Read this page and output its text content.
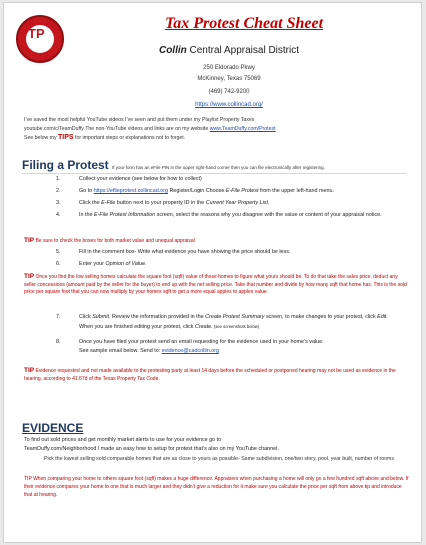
TP
Tax Protest Cheat Sheet
Collin Central Appraisal District
250 Eldorado Pkwy
McKinney, Texas 75069
(469) 742-9200
https://www.collincad.org/
I’ve saved the most helpful YouTube videos I’ve seen and put them under my Playlist Property Taxes
youtube.com/c/TeamDuffy The non-YouTube videos and links are on my website www.TeamDuffy.com/Protest
See below my TIPS for important steps or explanations not to forget.
Filing a Protest If your form has an eFile PIN in the upper right-hand corner then you can file electronically after registering.
1.	Collect your evidence (see below for how to collect)
2.	Go to https://efileprotest.collincad.org Register/Login Choose E-File Protest from the upper left-hand menu.
3.	Click the E-File button next to your property ID in the Current Year Property List.
4.	In the E-File Protest Information screen, select the reasons why you disagree with the value or content of your appraisal notice.
TIP Be sure to check the boxes for both market value and unequal appraisal
5.	Fill in the comment box- Write what evidence you have showing the price should be less.
6.	Enter your Opinion of Value.
TIP Once you find the low selling homes calculate the square foot (sqft) value of those homes to figure what yours should be. To do that take the sales price, deduct any seller concessions (amount paid by the seller for the buyer) to end up with the net selling price. Take that number and divide by how many sqft that home has. This is the sold price per square foot that you can now multiply by your homes sqft to get a more equal apples to apples value.
7.	Click Submit. Review the information provided in the Create Protest Summary screen, to make changes to your protest, click Edit. When you are finished editing your protest, click Create. (see screenshots below)
8.	Once you have filed your protest send an email requesting for the evidence used in your home's value.
See sample email below. Send to: evidence@cadcollin.org
TIP Evidence requested and not made available to the protesting party at least 14 days before the scheduled or postponed hearing may not be used as evidence in the hearing, according to 41.67d of the Texas Property Tax Code.
EVIDENCE
To find out sold prices and get monthly market alerts to use for your evidence go to
TeamDuffy.com/Neighborhood I made an easy how to setup for protest that’s also on my YouTube channel.
Pick the lowest selling sold comparable homes that are as close to yours as possible- Same subdivision, one/two story, pool, year built, number of rooms
TIP When comparing your home to others square foot (sqft) makes a huge difference. Appraisers when purchasing a home will only go a few hundred sqft above and below. If their evidence compares your home to one that is much larger and they didn’t give a reduction for it make sure you calculate the price per sqft from above tip and introduce that at hearing.
